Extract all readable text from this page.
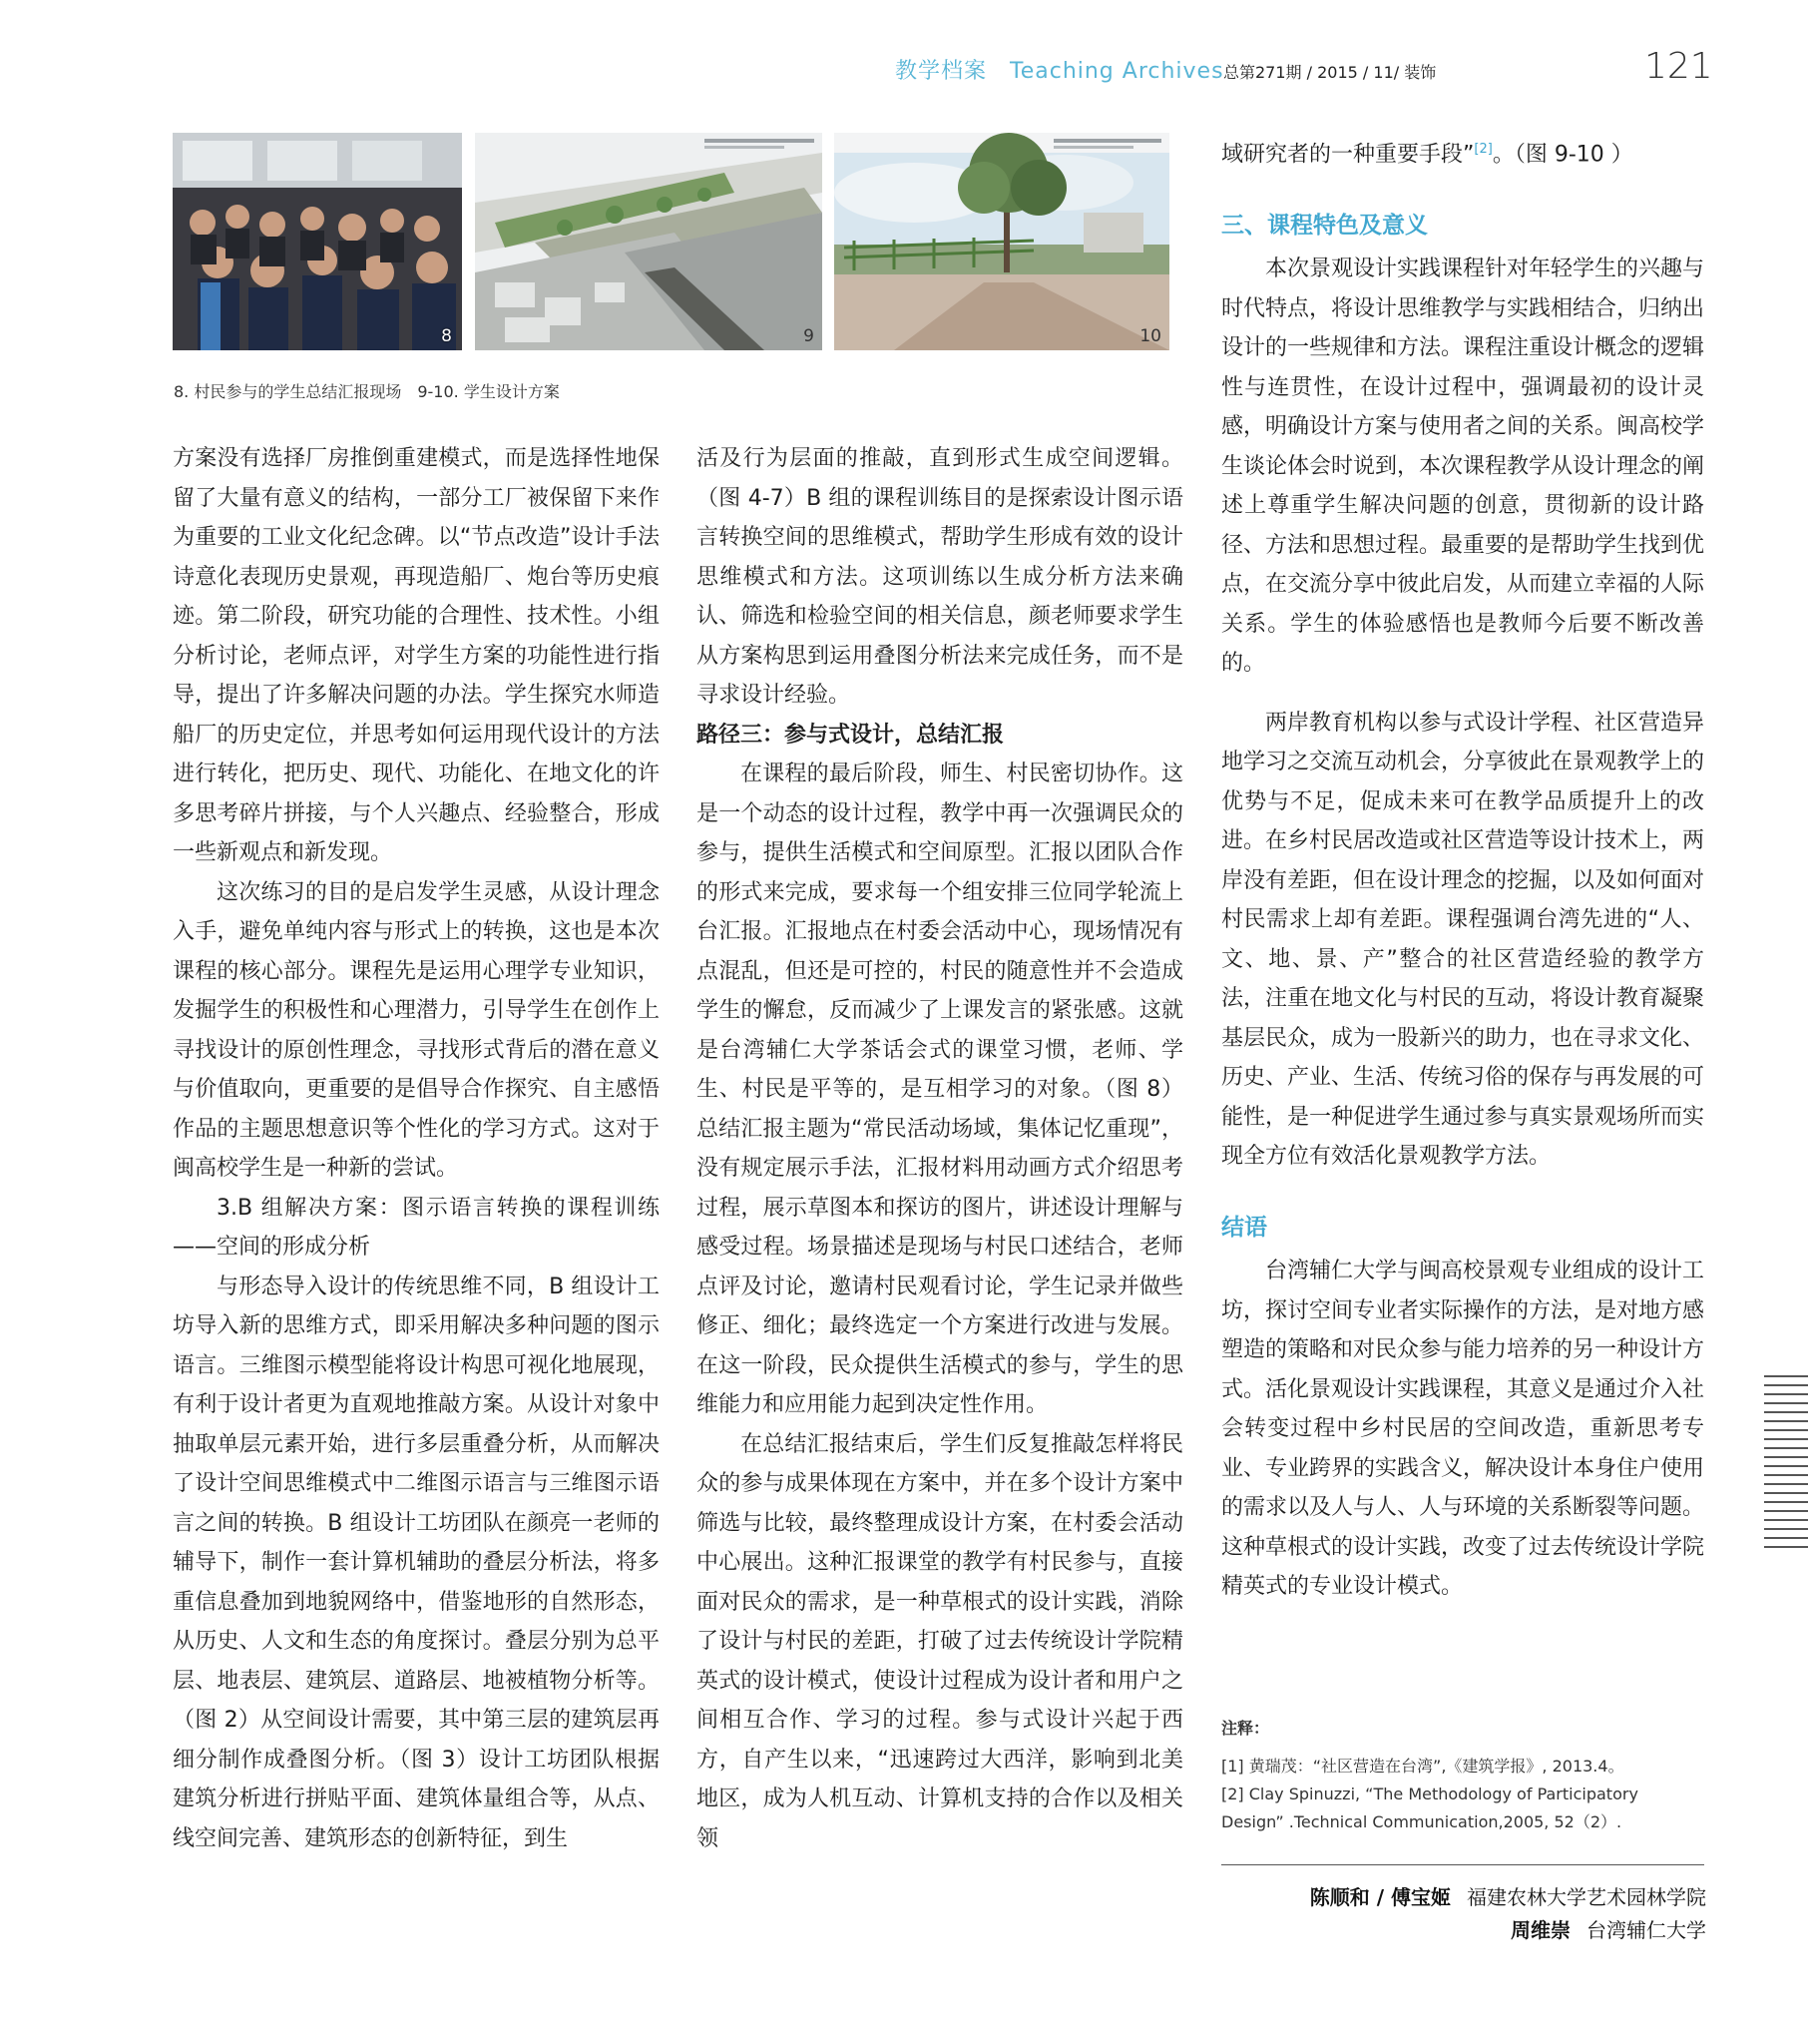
教学档案　Teaching Archives 总第271期 / 2015 / 11/ 装饰	121
8	9	10
8. 村民参与的学生总结汇报现场　9-10. 学生设计方案

方案没有选择厂房推倒重建模式，而是选择性地保留了大量有意义的结构，一部分工厂被保留下来作为重要的工业文化纪念碑。以“节点改造”设计手法诗意化表现历史景观，再现造船厂、炮台等历史痕迹。第二阶段，研究功能的合理性、技术性。小组分析讨论，老师点评，对学生方案的功能性进行指导，提出了许多解决问题的办法。学生探究水师造船厂的历史定位，并思考如何运用现代设计的方法进行转化，把历史、现代、功能化、在地文化的许多思考碎片拼接，与个人兴趣点、经验整合，形成一些新观点和新发现。

这次练习的目的是启发学生灵感，从设计理念入手，避免单纯内容与形式上的转换，这也是本次课程的核心部分。课程先是运用心理学专业知识，发掘学生的积极性和心理潜力，引导学生在创作上寻找设计的原创性理念，寻找形式背后的潜在意义与价值取向，更重要的是倡导合作探究、自主感悟作品的主题思想意识等个性化的学习方式。这对于闽高校学生是一种新的尝试。

3.B 组解决方案：图示语言转换的课程训练——空间的形成分析

与形态导入设计的传统思维不同，B 组设计工坊导入新的思维方式，即采用解决多种问题的图示语言。三维图示模型能将设计构思可视化地展现，有利于设计者更为直观地推敲方案。从设计对象中抽取单层元素开始，进行多层重叠分析，从而解决了设计空间思维模式中二维图示语言与三维图示语言之间的转换。B 组设计工坊团队在颜亮一老师的辅导下，制作一套计算机辅助的叠层分析法，将多重信息叠加到地貌网络中，借鉴地形的自然形态，从历史、人文和生态的角度探讨。叠层分别为总平层、地表层、建筑层、道路层、地被植物分析等。（图 2）从空间设计需要，其中第三层的建筑层再细分制作成叠图分析。（图 3）设计工坊团队根据建筑分析进行拼贴平面、建筑体量组合等，从点、线空间完善、建筑形态的创新特征，到生

活及行为层面的推敲，直到形式生成空间逻辑。（图 4-7）B 组的课程训练目的是探索设计图示语言转换空间的思维模式，帮助学生形成有效的设计思维模式和方法。这项训练以生成分析方法来确认、筛选和检验空间的相关信息，颜老师要求学生从方案构思到运用叠图分析法来完成任务，而不是寻求设计经验。

路径三：参与式设计，总结汇报

在课程的最后阶段，师生、村民密切协作。这是一个动态的设计过程，教学中再一次强调民众的参与，提供生活模式和空间原型。汇报以团队合作的形式来完成，要求每一个组安排三位同学轮流上台汇报。汇报地点在村委会活动中心，现场情况有点混乱，但还是可控的，村民的随意性并不会造成学生的懈怠，反而减少了上课发言的紧张感。这就是台湾辅仁大学茶话会式的课堂习惯，老师、学生、村民是平等的，是互相学习的对象。（图 8）总结汇报主题为“常民活动场域，集体记忆重现”，没有规定展示手法，汇报材料用动画方式介绍思考过程，展示草图本和探访的图片，讲述设计理解与感受过程。场景描述是现场与村民口述结合，老师点评及讨论，邀请村民观看讨论，学生记录并做些修正、细化；最终选定一个方案进行改进与发展。在这一阶段，民众提供生活模式的参与，学生的思维能力和应用能力起到决定性作用。

在总结汇报结束后，学生们反复推敲怎样将民众的参与成果体现在方案中，并在多个设计方案中筛选与比较，最终整理成设计方案，在村委会活动中心展出。这种汇报课堂的教学有村民参与，直接面对民众的需求，是一种草根式的设计实践，消除了设计与村民的差距，打破了过去传统设计学院精英式的设计模式，使设计过程成为设计者和用户之间相互合作、学习的过程。参与式设计兴起于西方，自产生以来，“迅速跨过大西洋，影响到北美地区，成为人机互动、计算机支持的合作以及相关领

域研究者的一种重要手段”[2]。（图 9-10 ）

三、课程特色及意义

本次景观设计实践课程针对年轻学生的兴趣与时代特点，将设计思维教学与实践相结合，归纳出设计的一些规律和方法。课程注重设计概念的逻辑性与连贯性，在设计过程中，强调最初的设计灵感，明确设计方案与使用者之间的关系。闽高校学生谈论体会时说到，本次课程教学从设计理念的阐述上尊重学生解决问题的创意，贯彻新的设计路径、方法和思想过程。最重要的是帮助学生找到优点，在交流分享中彼此启发，从而建立幸福的人际关系。学生的体验感悟也是教师今后要不断改善的。

两岸教育机构以参与式设计学程、社区营造异地学习之交流互动机会，分享彼此在景观教学上的优势与不足，促成未来可在教学品质提升上的改进。在乡村民居改造或社区营造等设计技术上，两岸没有差距，但在设计理念的挖掘，以及如何面对村民需求上却有差距。课程强调台湾先进的“人、文、地、景、产”整合的社区营造经验的教学方法，注重在地文化与村民的互动，将设计教育凝聚基层民众，成为一股新兴的助力，也在寻求文化、历史、产业、生活、传统习俗的保存与再发展的可能性，是一种促进学生通过参与真实景观场所而实现全方位有效活化景观教学方法。

结语

台湾辅仁大学与闽高校景观专业组成的设计工坊，探讨空间专业者实际操作的方法，是对地方感塑造的策略和对民众参与能力培养的另一种设计方式。活化景观设计实践课程，其意义是通过介入社会转变过程中乡村民居的空间改造，重新思考专业、专业跨界的实践含义，解决设计本身住户使用的需求以及人与人、人与环境的关系断裂等问题。这种草根式的设计实践，改变了过去传统设计学院精英式的专业设计模式。

注释：
[1] 黄瑞茂：“社区营造在台湾”,《建筑学报》, 2013.4。
[2] Clay Spinuzzi, “The Methodology of Participatory Design” .Technical Communication,2005, 52（2）.
陈顺和 / 傅宝姬 福建农林大学艺术园林学院
周维崇 台湾辅仁大学
